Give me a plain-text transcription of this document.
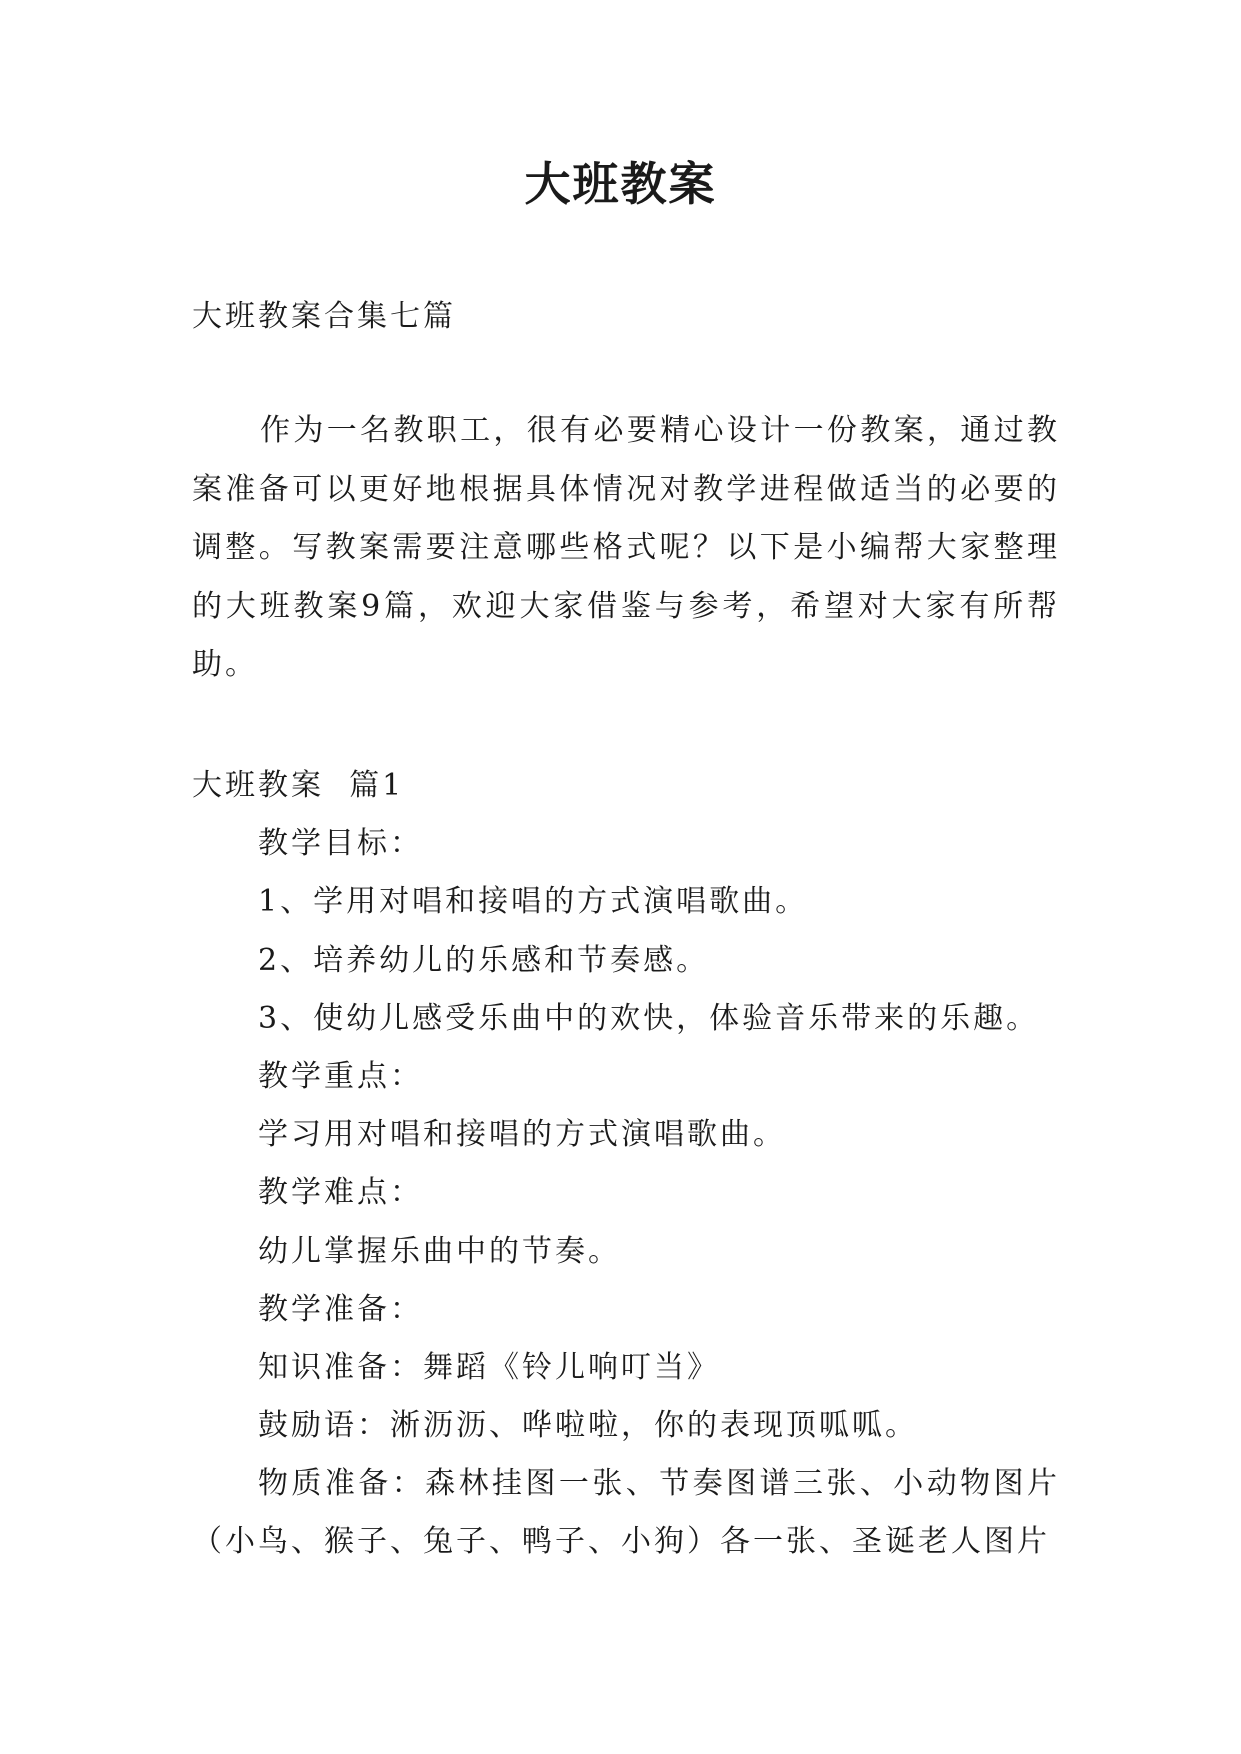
大班教案
大班教案合集七篇
作为一名教职工，很有必要精心设计一份教案，通过教案准备可以更好地根据具体情况对教学进程做适当的必要的调整。写教案需要注意哪些格式呢？以下是小编帮大家整理的大班教案9篇，欢迎大家借鉴与参考，希望对大家有所帮助。
大班教案  篇1
教学目标：
1、学用对唱和接唱的方式演唱歌曲。
2、培养幼儿的乐感和节奏感。
3、使幼儿感受乐曲中的欢快，体验音乐带来的乐趣。
教学重点：
学习用对唱和接唱的方式演唱歌曲。
教学难点：
幼儿掌握乐曲中的节奏。
教学准备：
知识准备：舞蹈《铃儿响叮当》
鼓励语：淅沥沥、哗啦啦，你的表现顶呱呱。
物质准备：森林挂图一张、节奏图谱三张、小动物图片（小鸟、猴子、兔子、鸭子、小狗）各一张、圣诞老人图片
